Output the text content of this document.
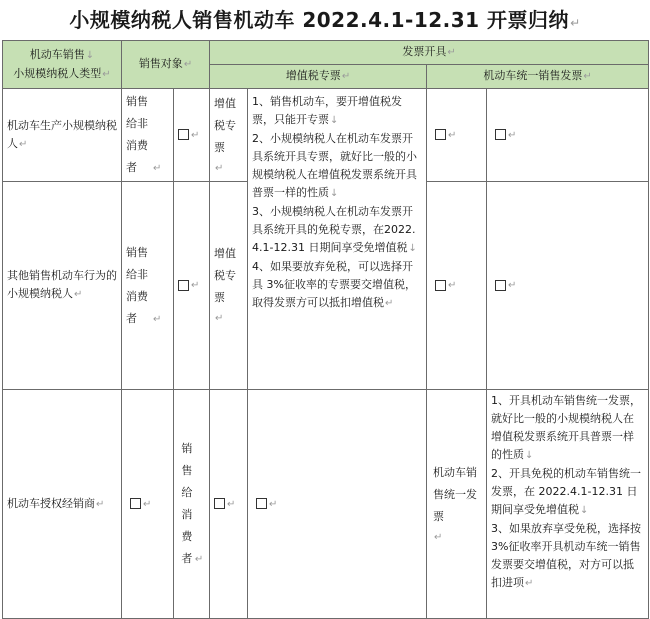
小规模纳税人销售机动车 2022.4.1-12.31 开票归纳↵
机动车销售↓
小规模纳税人类型↵	销售对象↵		发票开具↵			
			增值税专票↵		机动车统一销售发票↵	
机动车生产小规模纳税人↵	销售给非消费者 ↵	↵	增值税专票↵	1、销售机动车，要开增值税发票，只能开专票↓
2、小规模纳税人在机动车发票开具系统开具专票，就好比一般的小规模纳税人在增值税发票系统开具普票一样的性质↓
3、小规模纳税人在机动车发票开具系统开具的免税专票，在2022.4.1-12.31 日期间享受免增值税↓
4、如果要放弃免税，可以选择开具 3%征收率的专票要交增值税，取得发票方可以抵扣增值税↵	↵	↵
其他销售机动车行为的小规模纳税人↵	销售给非消费者 ↵	↵	增值税专票↵		↵	↵
机动车授权经销商↵	↵	销售给消费者 ↵	↵	↵	机动车销售统一发票↵	1、开具机动车销售统一发票，就好比一般的小规模纳税人在增值税发票系统开具普票一样的性质↓
2、开具免税的机动车销售统一发票，在 2022.4.1-12.31 日期间享受免增值税↓
3、如果放弃享受免税，选择按 3%征收率开具机动车统一销售发票要交增值税，对方可以抵扣进项↵
